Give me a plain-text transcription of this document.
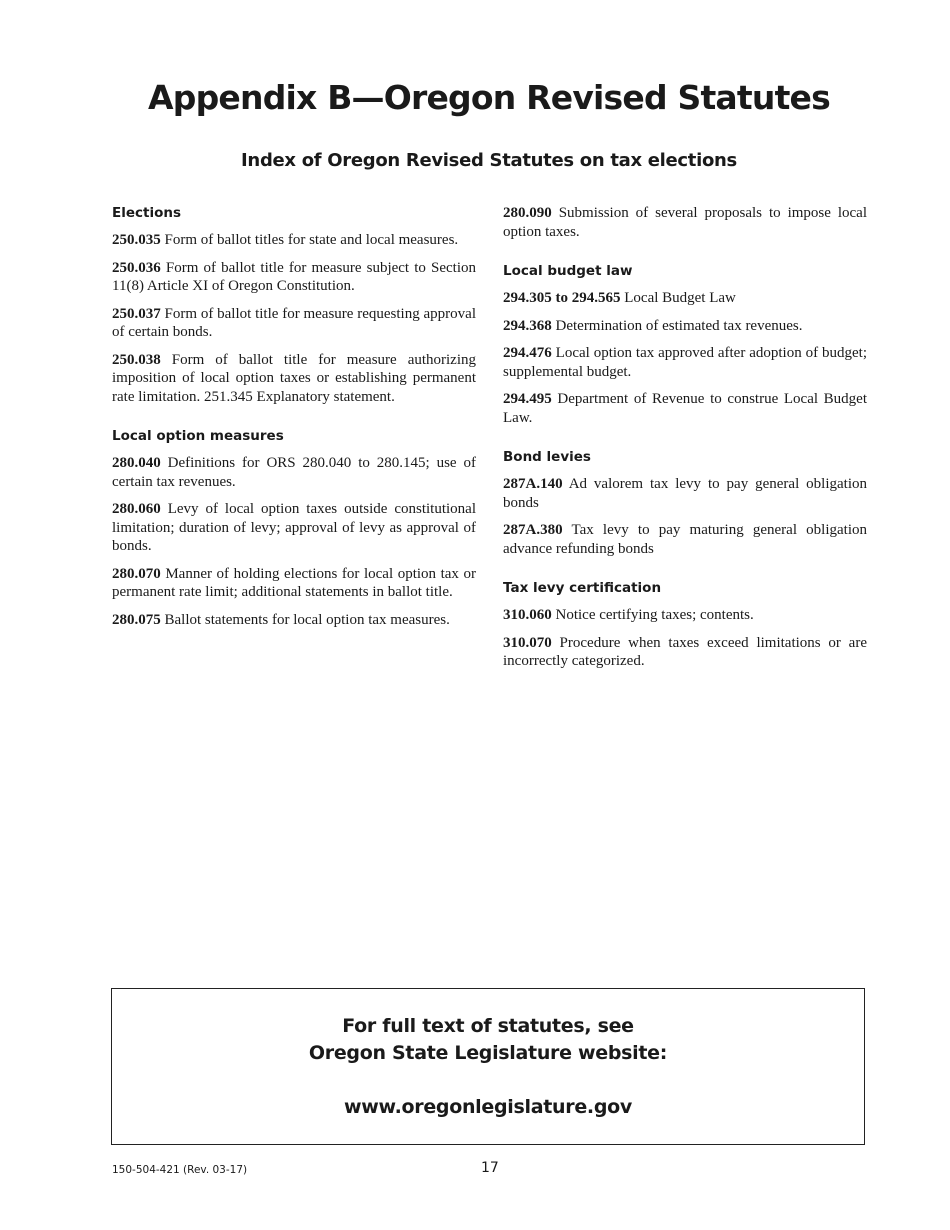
Appendix B—Oregon Revised Statutes
Index of Oregon Revised Statutes on tax elections
Elections

250.035 Form of ballot titles for state and local measures.

250.036 Form of ballot title for measure subject to Section 11(8) Article XI of Oregon Constitution.

250.037 Form of ballot title for measure requesting approval of certain bonds.

250.038 Form of ballot title for measure authorizing imposition of local option taxes or establishing permanent rate limitation. 251.345 Explanatory statement.

Local option measures

280.040 Definitions for ORS 280.040 to 280.145; use of certain tax revenues.

280.060 Levy of local option taxes outside constitutional limitation; duration of levy; approval of levy as approval of bonds.

280.070 Manner of holding elections for local option tax or permanent rate limit; additional statements in ballot title.

280.075 Ballot statements for local option tax measures.

280.090 Submission of several proposals to impose local option taxes.

Local budget law

294.305 to 294.565 Local Budget Law

294.368 Determination of estimated tax revenues.

294.476 Local option tax approved after adoption of budget; supplemental budget.

294.495 Department of Revenue to construe Local Budget Law.

Bond levies

287A.140 Ad valorem tax levy to pay general obligation bonds

287A.380 Tax levy to pay maturing general obligation advance refunding bonds

Tax levy certification

310.060 Notice certifying taxes; contents.

310.070 Procedure when taxes exceed limitations or are incorrectly categorized.

For full text of statutes, see
Oregon State Legislature website:
www.oregonlegislature.gov
150-504-421 (Rev. 03-17)	17
